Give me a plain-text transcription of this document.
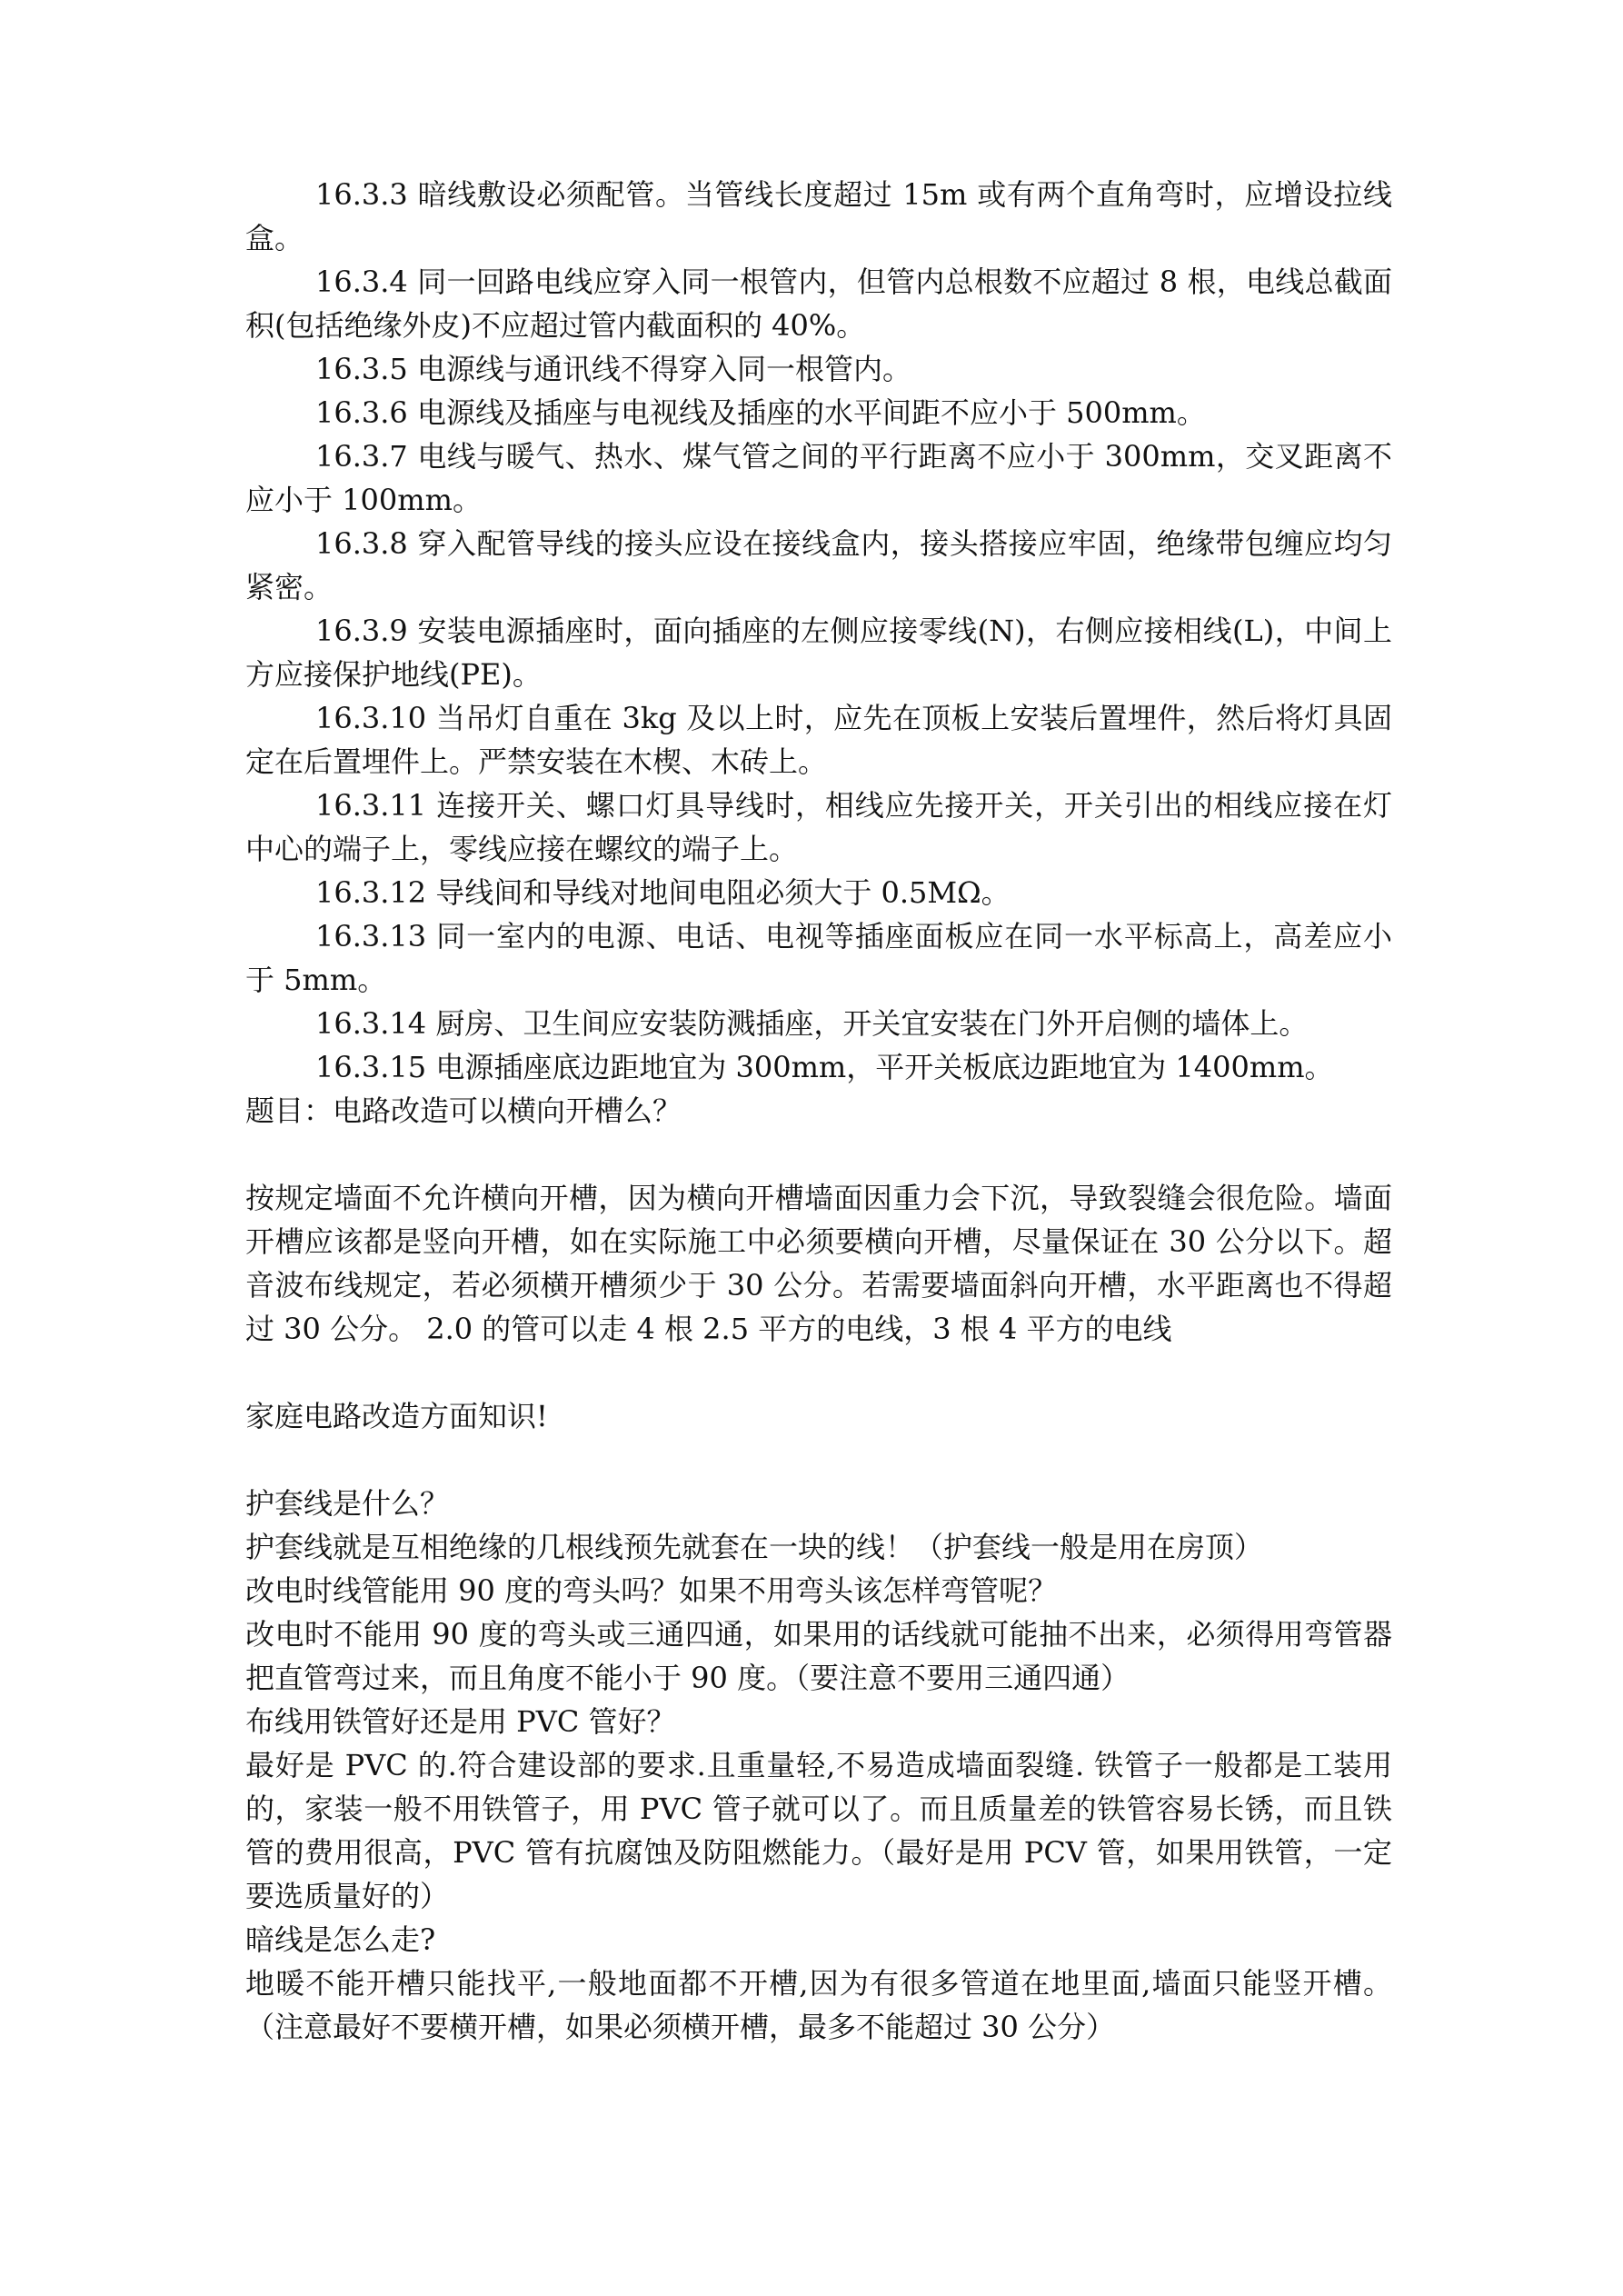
16.3.3 暗线敷设必须配管。当管线长度超过 15m 或有两个直角弯时，应增设拉线盒。

16.3.4 同一回路电线应穿入同一根管内，但管内总根数不应超过 8 根，电线总截面积(包括绝缘外皮)不应超过管内截面积的 40%。

16.3.5 电源线与通讯线不得穿入同一根管内。

16.3.6 电源线及插座与电视线及插座的水平间距不应小于 500mm。

16.3.7 电线与暖气、热水、煤气管之间的平行距离不应小于 300mm，交叉距离不应小于 100mm。

16.3.8 穿入配管导线的接头应设在接线盒内，接头搭接应牢固，绝缘带包缠应均匀紧密。

16.3.9 安装电源插座时，面向插座的左侧应接零线(N)，右侧应接相线(L)，中间上方应接保护地线(PE)。

16.3.10 当吊灯自重在 3kg 及以上时，应先在顶板上安装后置埋件，然后将灯具固定在后置埋件上。严禁安装在木楔、木砖上。

16.3.11 连接开关、螺口灯具导线时，相线应先接开关，开关引出的相线应接在灯中心的端子上，零线应接在螺纹的端子上。

16.3.12 导线间和导线对地间电阻必须大于 0.5MΩ。

16.3.13 同一室内的电源、电话、电视等插座面板应在同一水平标高上，高差应小于 5mm。

16.3.14 厨房、卫生间应安装防溅插座，开关宜安装在门外开启侧的墙体上。

16.3.15 电源插座底边距地宜为 300mm，平开关板底边距地宜为 1400mm。

题目：电路改造可以横向开槽么？

按规定墙面不允许横向开槽，因为横向开槽墙面因重力会下沉，导致裂缝会很危险。墙面开槽应该都是竖向开槽，如在实际施工中必须要横向开槽，尽量保证在 30 公分以下。超音波布线规定，若必须横开槽须少于 30 公分。若需要墙面斜向开槽，水平距离也不得超过 30 公分。 2.0 的管可以走 4 根 2.5 平方的电线，3 根 4 平方的电线

家庭电路改造方面知识!

护套线是什么？

护套线就是互相绝缘的几根线预先就套在一块的线！（护套线一般是用在房顶）

改电时线管能用 90 度的弯头吗？如果不用弯头该怎样弯管呢？

改电时不能用 90 度的弯头或三通四通，如果用的话线就可能抽不出来，必须得用弯管器把直管弯过来，而且角度不能小于 90 度。（要注意不要用三通四通）

布线用铁管好还是用 PVC 管好？

最好是 PVC 的.符合建设部的要求.且重量轻,不易造成墙面裂缝. 铁管子一般都是工装用的，家装一般不用铁管子，用 PVC 管子就可以了。而且质量差的铁管容易长锈，而且铁管的费用很高，PVC 管有抗腐蚀及防阻燃能力。（最好是用 PCV 管，如果用铁管，一定要选质量好的）

暗线是怎么走?

地暖不能开槽只能找平,一般地面都不开槽,因为有很多管道在地里面,墙面只能竖开槽。（注意最好不要横开槽，如果必须横开槽，最多不能超过 30 公分）
